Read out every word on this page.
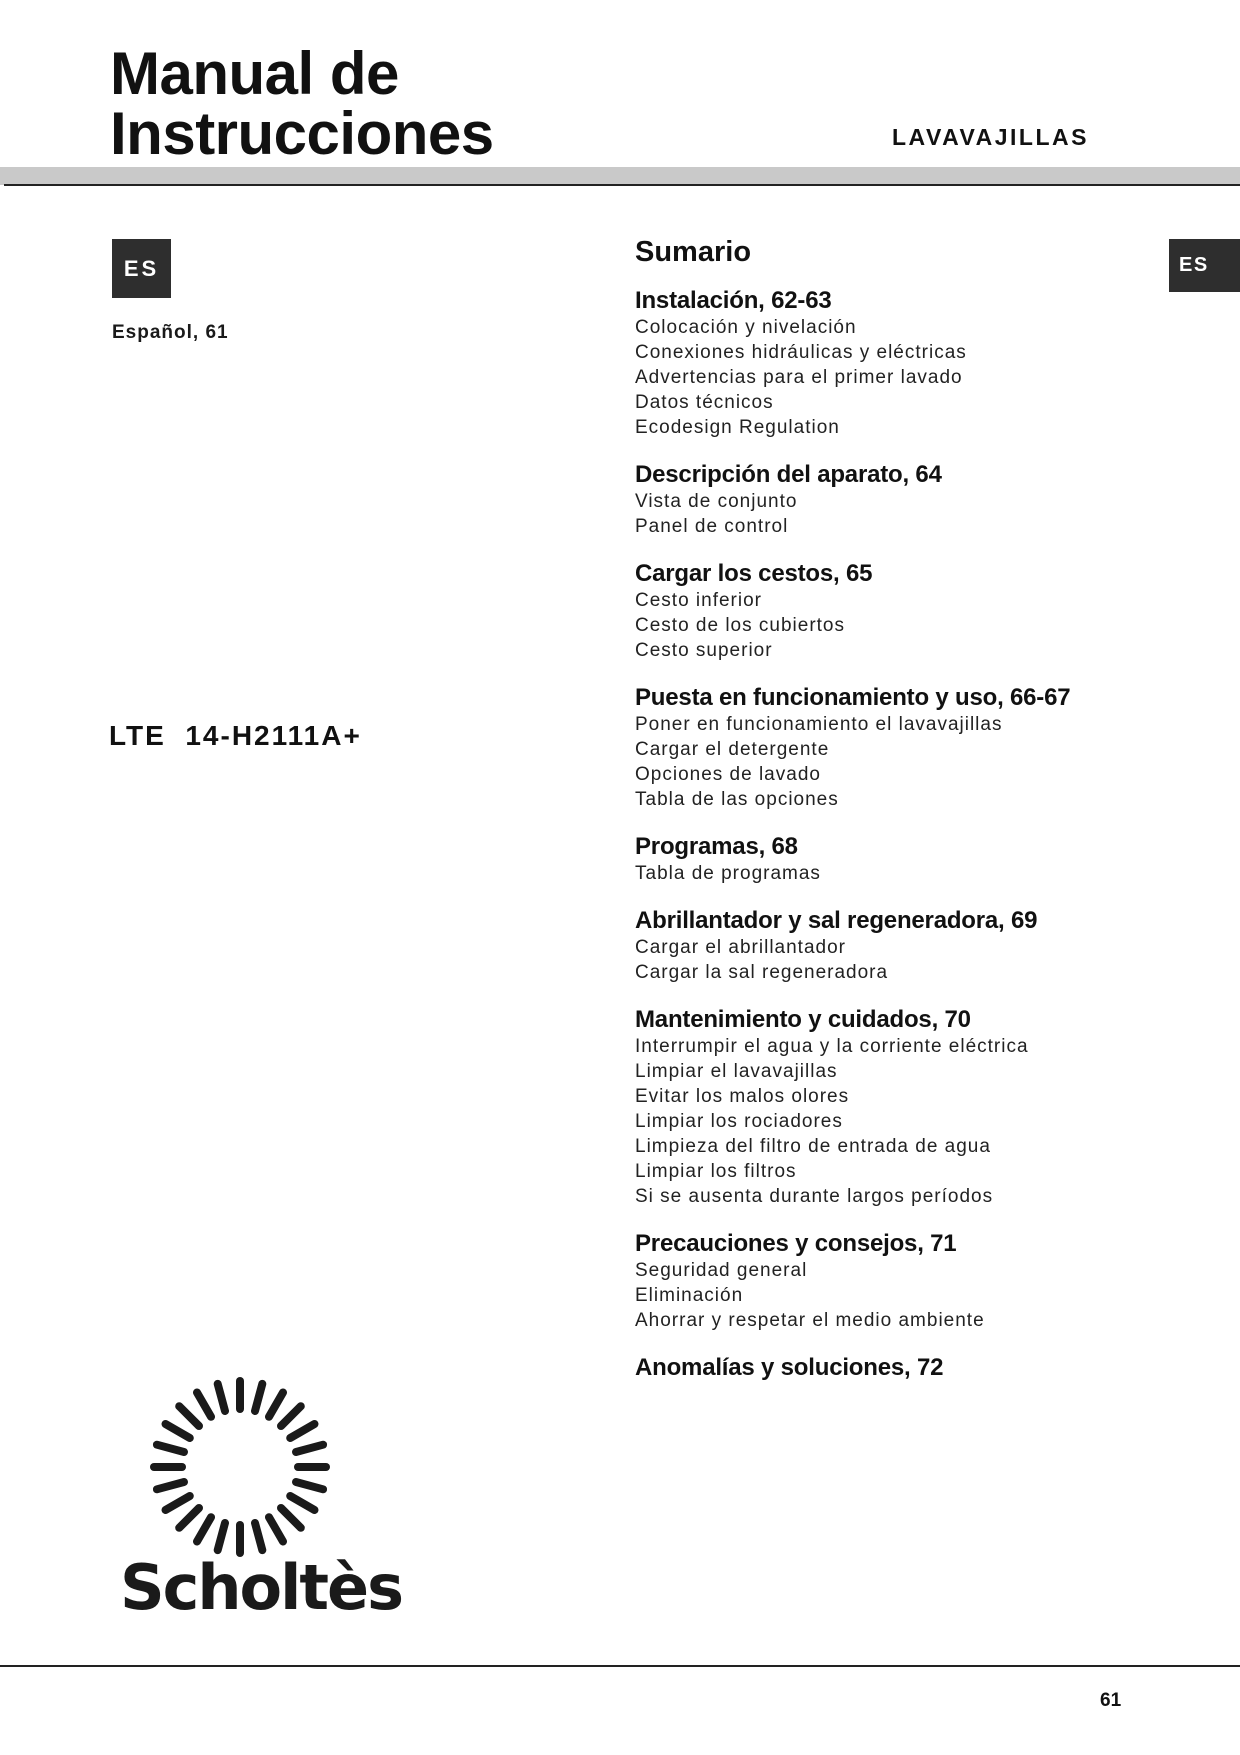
Manual de
Instrucciones	LAVAVAJILLAS
ES	ES
Español, 61
LTE  14-H2111A+
Sumario
Instalación, 62-63
Colocación y nivelación
Conexiones hidráulicas y eléctricas
Advertencias para el primer lavado
Datos técnicos
Ecodesign Regulation
Descripción del aparato, 64
Vista de conjunto
Panel de control
Cargar los cestos, 65
Cesto inferior
Cesto de los cubiertos
Cesto superior
Puesta en funcionamiento y uso, 66-67
Poner en funcionamiento el lavavajillas
Cargar el detergente
Opciones de lavado
Tabla de las opciones
Programas, 68
Tabla de programas
Abrillantador y sal regeneradora, 69
Cargar el abrillantador
Cargar la sal regeneradora
Mantenimiento y cuidados, 70
Interrumpir el agua y la corriente eléctrica
Limpiar el lavavajillas
Evitar los malos olores
Limpiar los rociadores
Limpieza del filtro de entrada de agua
Limpiar los filtros
Si se ausenta durante largos períodos
Precauciones y consejos, 71
Seguridad general
Eliminación
Ahorrar y respetar el medio ambiente
Anomalías y soluciones, 72
Scholtès
61
